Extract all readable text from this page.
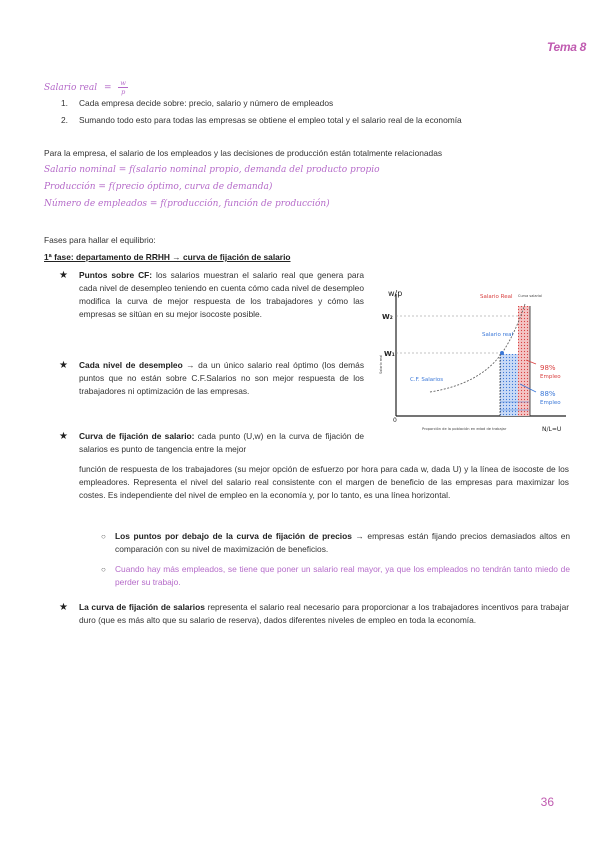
Tema 8
36
Salario real = $\frac{w}{p}$
1. Cada empresa decide sobre: precio, salario y número de empleados
2. Sumando todo esto para todas las empresas se obtiene el empleo total y el salario real de la economía
Para la empresa, el salario de los empleados y las decisiones de producción están totalmente relacionadas
Salario nominal = f(salario nominal propio, demanda del producto propio
Producción = f(precio óptimo, curva de demanda)
Número de empleados = f(producción, función de producción)
Fases para hallar el equilibrio:
1ª fase: departamento de RRHH → curva de fijación de salario
★ Puntos sobre CF: los salarios muestran el salario real que genera para cada nivel de desempleo teniendo en cuenta cómo cada nivel de desempleo modifica la curva de mejor respuesta de los trabajadores y cómo las empresas se sitúan en su mejor isocoste posible.
★ Cada nivel de desempleo → da un único salario real óptimo (los demás puntos que no están sobre C.F.Salarios no son mejor respuesta de los trabajadores ni optimización de las empresas.
★ Curva de fijación de salario: cada punto (U,w) en la curva de fijación de salarios es punto de tangencia entre la mejor
función de respuesta de los trabajadores (su mejor opción de esfuerzo por hora para cada w, dada U) y la línea de isocoste de los empleadores. Representa el nivel del salario real consistente con el margen de beneficio de las empresas para maximizar los costes. Es independiente del nivel de empleo en la economía y, por lo tanto, es una línea horizontal.
○ Los puntos por debajo de la curva de fijación de precios → empresas están fijando precios demasiados altos en comparación con su nivel de maximización de beneficios.
○ Cuando hay más empleados, se tiene que poner un salario real mayor, ya que los empleados no tendrán tanto miedo de perder su trabajo.
★ La curva de fijación de salarios representa el salario real necesario para proporcionar a los trabajadores incentivos para trabajar duro (que es más alto que su salario de reserva), dados diferentes niveles de empleo en toda la economía.
w/p
W₂
W₁
0
Salario Real
Salario real
C.F. Salarios
Curva salarial
98%
Empleo
88%
Empleo
N/L=U
Proporción de la población en edad de trabajar
Salario real
